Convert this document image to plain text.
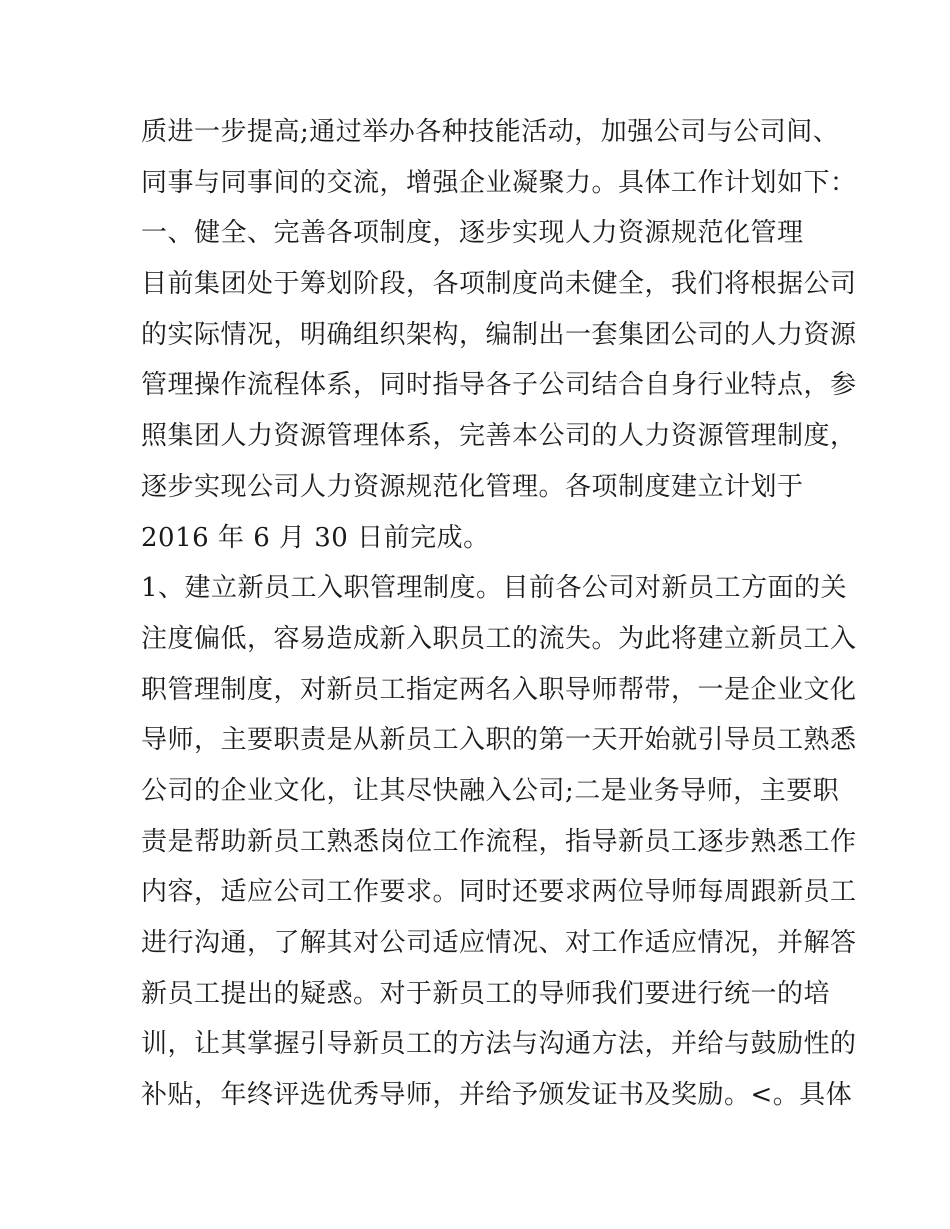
质进一步提高;通过举办各种技能活动，加强公司与公司间、
同事与同事间的交流，增强企业凝聚力。具体工作计划如下：
一、健全、完善各项制度，逐步实现人力资源规范化管理
目前集团处于筹划阶段，各项制度尚未健全，我们将根据公司
的实际情况，明确组织架构，编制出一套集团公司的人力资源
管理操作流程体系，同时指导各子公司结合自身行业特点，参
照集团人力资源管理体系，完善本公司的人力资源管理制度，
逐步实现公司人力资源规范化管理。各项制度建立计划于
2016 年 6 月 30 日前完成。
1、建立新员工入职管理制度。目前各公司对新员工方面的关
注度偏低，容易造成新入职员工的流失。为此将建立新员工入
职管理制度，对新员工指定两名入职导师帮带，一是企业文化
导师，主要职责是从新员工入职的第一天开始就引导员工熟悉
公司的企业文化，让其尽快融入公司;二是业务导师，主要职
责是帮助新员工熟悉岗位工作流程，指导新员工逐步熟悉工作
内容，适应公司工作要求。同时还要求两位导师每周跟新员工
进行沟通，了解其对公司适应情况、对工作适应情况，并解答
新员工提出的疑惑。对于新员工的导师我们要进行统一的培
训，让其掌握引导新员工的方法与沟通方法，并给与鼓励性的
补贴，年终评选优秀导师，并给予颁发证书及奖励。<。具体
